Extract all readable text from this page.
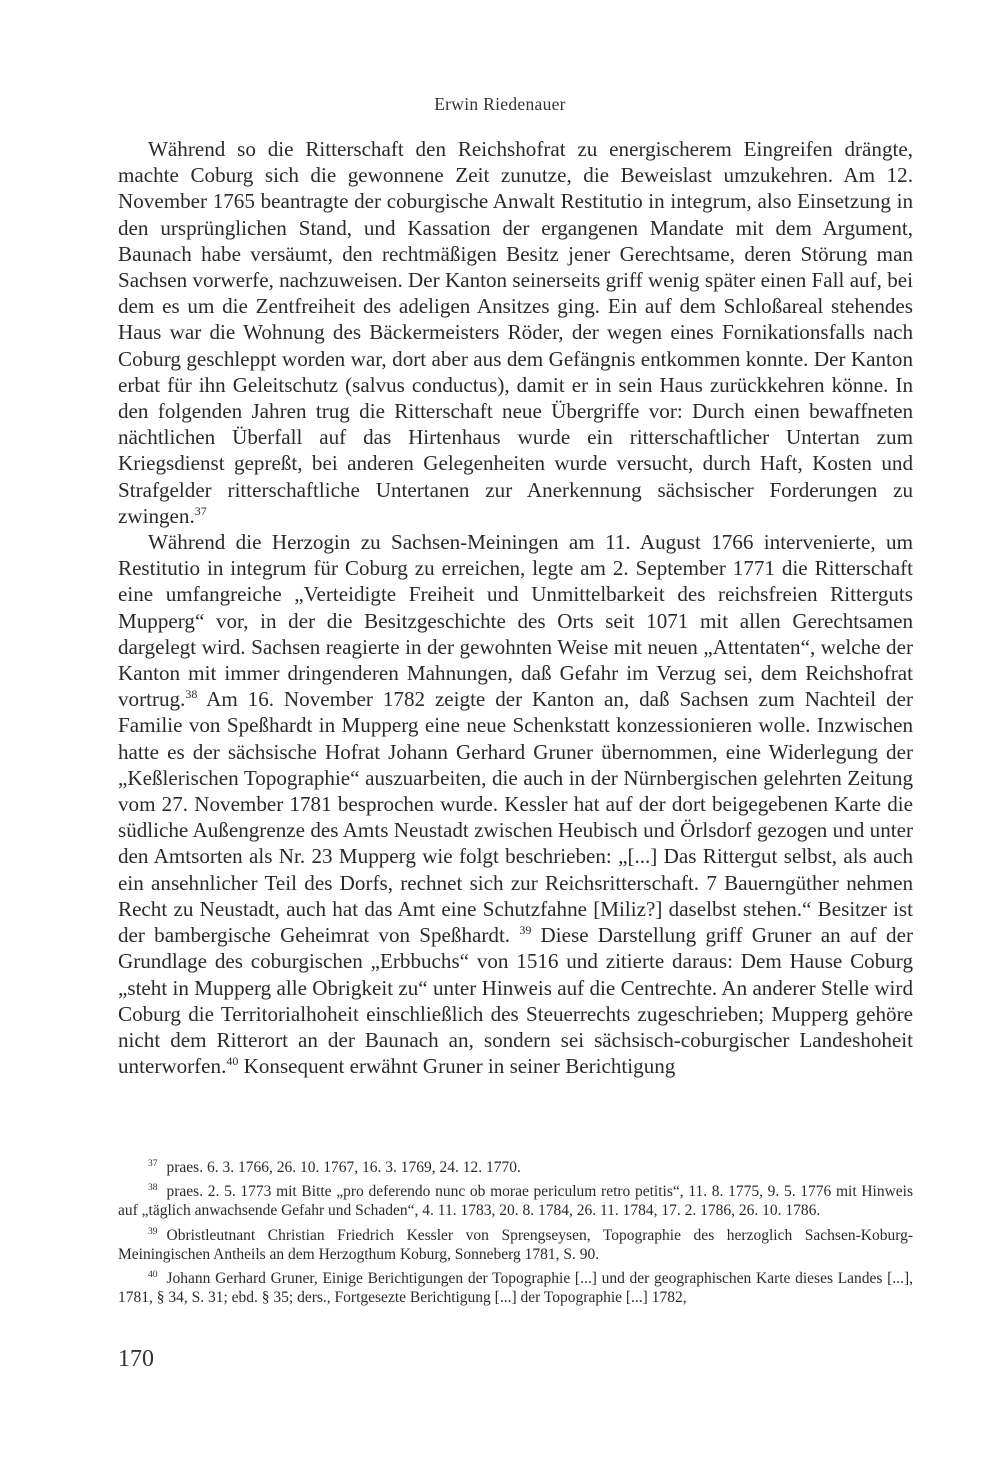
Erwin Riedenauer

Während so die Ritterschaft den Reichshofrat zu energischerem Eingreifen drängte, machte Coburg sich die gewonnene Zeit zunutze, die Beweislast umzukehren. Am 12. November 1765 beantragte der coburgische Anwalt Restitutio in integrum, also Einsetzung in den ursprünglichen Stand, und Kassation der ergangenen Mandate mit dem Argument, Baunach habe versäumt, den rechtmäßigen Besitz jener Gerechtsame, deren Störung man Sachsen vorwerfe, nachzuweisen. Der Kanton seinerseits griff wenig später einen Fall auf, bei dem es um die Zentfreiheit des adeligen Ansitzes ging. Ein auf dem Schloßareal stehendes Haus war die Wohnung des Bäckermeisters Röder, der wegen eines Fornikationsfalls nach Coburg geschleppt worden war, dort aber aus dem Gefängnis entkommen konnte. Der Kanton erbat für ihn Geleitschutz (salvus conductus), damit er in sein Haus zurückkehren könne. In den folgenden Jahren trug die Ritterschaft neue Übergriffe vor: Durch einen bewaffneten nächtlichen Überfall auf das Hirtenhaus wurde ein ritterschaftlicher Untertan zum Kriegsdienst gepreßt, bei anderen Gelegenheiten wurde versucht, durch Haft, Kosten und Strafgelder ritterschaftliche Untertanen zur Anerkennung sächsischer Forderungen zu zwingen.$^{37}$

Während die Herzogin zu Sachsen-Meiningen am 11. August 1766 intervenierte, um Restitutio in integrum für Coburg zu erreichen, legte am 2. September 1771 die Ritterschaft eine umfangreiche „Verteidigte Freiheit und Unmittelbarkeit des reichsfreien Ritterguts Mupperg“ vor, in der die Besitzgeschichte des Orts seit 1071 mit allen Gerechtsamen dargelegt wird. Sachsen reagierte in der gewohnten Weise mit neuen „Attentaten“, welche der Kanton mit immer dringenderen Mahnungen, daß Gefahr im Verzug sei, dem Reichshofrat vortrug.$^{38}$ Am 16. November 1782 zeigte der Kanton an, daß Sachsen zum Nachteil der Familie von Speßhardt in Mupperg eine neue Schenkstatt konzessionieren wolle. Inzwischen hatte es der sächsische Hofrat Johann Gerhard Gruner übernommen, eine Widerlegung der „Keßlerischen Topographie“ auszuarbeiten, die auch in der Nürnbergischen gelehrten Zeitung vom 27. November 1781 besprochen wurde. Kessler hat auf der dort beigegebenen Karte die südliche Außengrenze des Amts Neustadt zwischen Heubisch und Örlsdorf gezogen und unter den Amtsorten als Nr. 23 Mupperg wie folgt beschrieben: „[...] Das Rittergut selbst, als auch ein ansehnlicher Teil des Dorfs, rechnet sich zur Reichsritterschaft. 7 Bauerngüther nehmen Recht zu Neustadt, auch hat das Amt eine Schutzfahne [Miliz?] daselbst stehen.“ Besitzer ist der bambergische Geheimrat von Speßhardt. $^{39}$ Diese Darstellung griff Gruner an auf der Grundlage des coburgischen „Erbbuchs“ von 1516 und zitierte daraus: Dem Hause Coburg „steht in Mupperg alle Obrigkeit zu“ unter Hinweis auf die Centrechte. An anderer Stelle wird Coburg die Territorialhoheit einschließlich des Steuerrechts zugeschrieben; Mupperg gehöre nicht dem Ritterort an der Baunach an, sondern sei sächsisch-coburgischer Landeshoheit unterworfen.$^{40}$ Konsequent erwähnt Gruner in seiner Berichtigung

$^{37}$ praes. 6. 3. 1766, 26. 10. 1767, 16. 3. 1769, 24. 12. 1770.
$^{38}$ praes. 2. 5. 1773 mit Bitte „pro deferendo nunc ob morae periculum retro petitis“, 11. 8. 1775, 9. 5. 1776 mit Hinweis auf „täglich anwachsende Gefahr und Schaden“, 4. 11. 1783, 20. 8. 1784, 26. 11. 1784, 17. 2. 1786, 26. 10. 1786.
$^{39}$ Obristleutnant Christian Friedrich Kessler von Sprengseysen, Topographie des herzoglich Sachsen-Koburg-Meiningischen Antheils an dem Herzogthum Koburg, Sonneberg 1781, S. 90.
$^{40}$ Johann Gerhard Gruner, Einige Berichtigungen der Topographie [...] und der geographischen Karte dieses Landes [...], 1781, § 34, S. 31; ebd. § 35; ders., Fortgesezte Berichtigung [...] der Topographie [...] 1782,
170
